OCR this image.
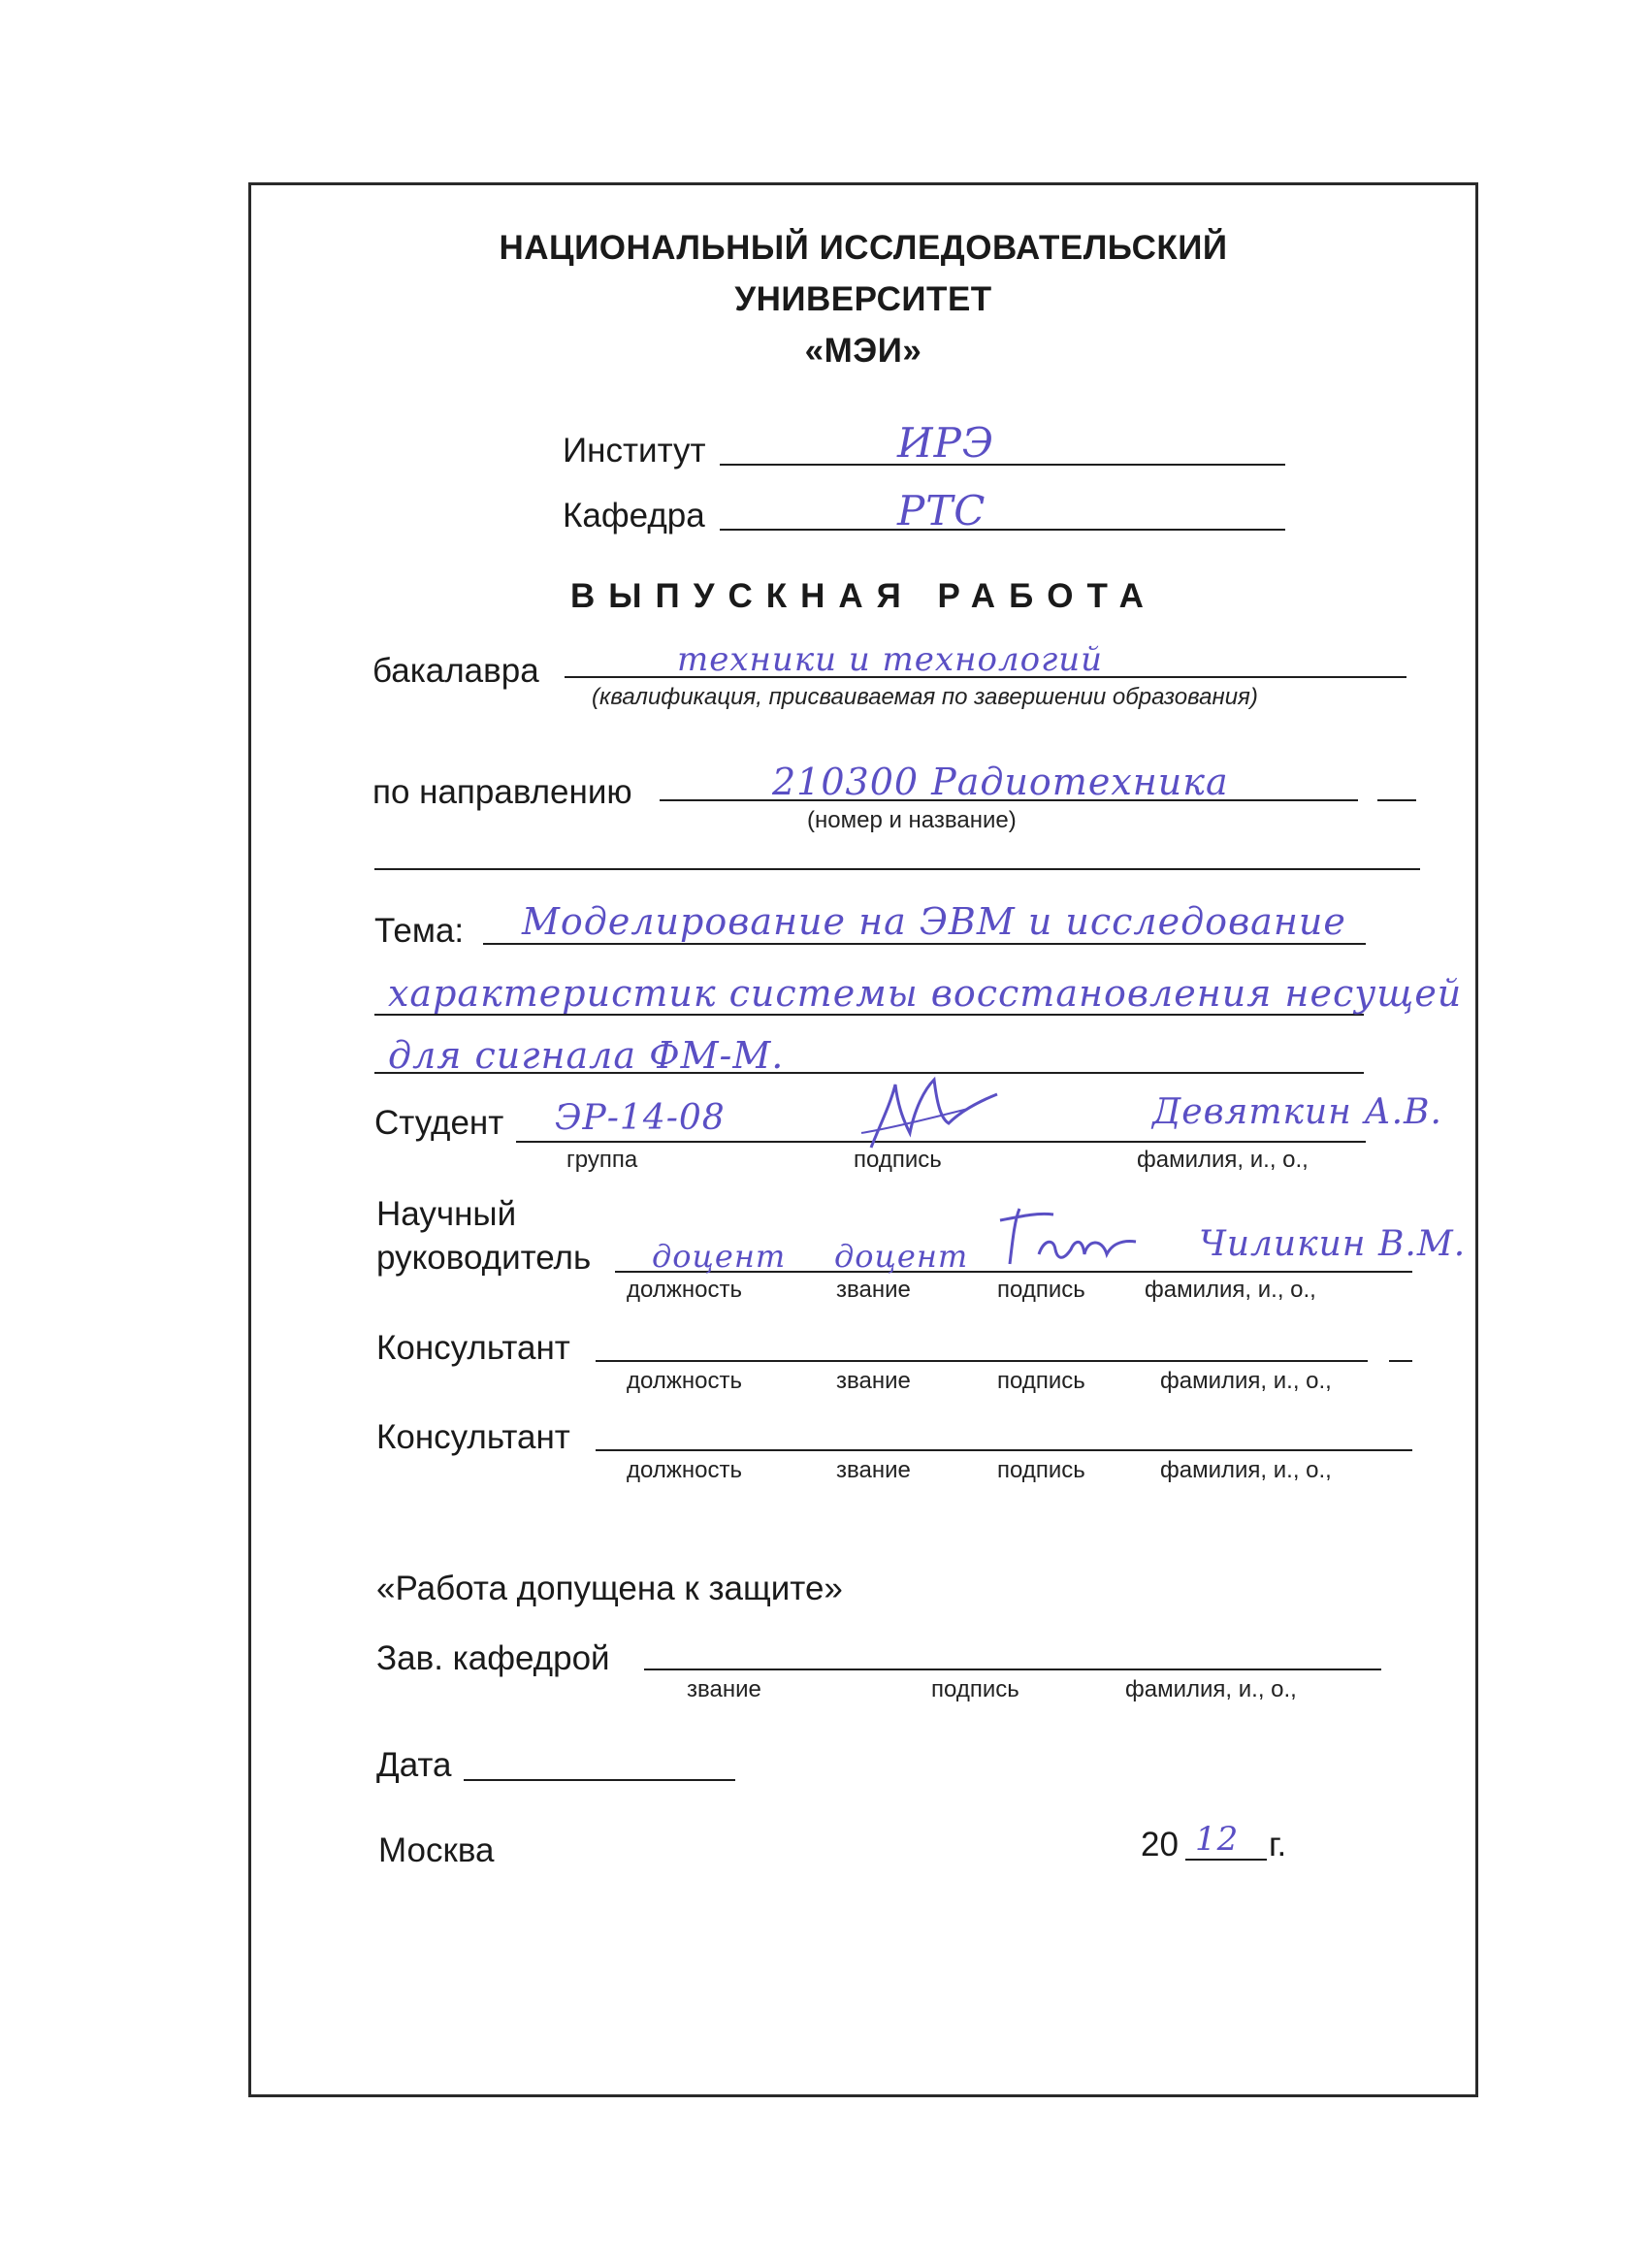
НАЦИОНАЛЬНЫЙ ИССЛЕДОВАТЕЛЬСКИЙ
УНИВЕРСИТЕТ
«МЭИ»
Институт	ИРЭ
Кафедра	РТС
ВЫПУСКНАЯ РАБОТА
бакалавра	техники и технологий
(квалификация, присваиваемая по завершении образования)
по направлению	210300 Радиотехника
(номер и название)
Тема: Моделирование на ЭВМ и исследование
характеристик системы восстановления несущей
для сигнала ФМ-М.
Студент ЭР-14-08	Девяткин А.В.
группа	подпись	фамилия, и., о.,
Научный
руководитель доцент доцент	Чиликин В.М.
должность	звание	подпись	фамилия, и., о.,
Консультант
должность	звание	подпись	фамилия, и., о.,
Консультант
должность	звание	подпись	фамилия, и., о.,
«Работа допущена к защите»
Зав. кафедрой
звание	подпись	фамилия, и., о.,
Дата
Москва	20 12 г.
